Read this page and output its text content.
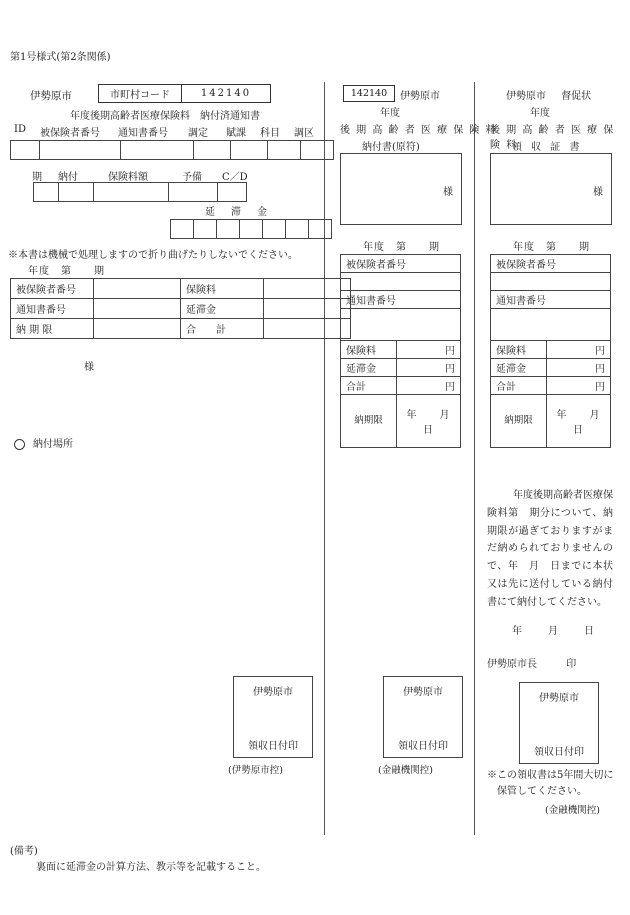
第1号様式(第2条関係)
伊勢原市	市町村コード	142140
年度後期高齢者医療保険料　納付済通知書
ID 被保険者番号 通知書番号 調定 賦課 科目 調区

期 納付	保険料額	予備 C／D

延　滞　金

※本書は機械で処理しますので折り曲げたりしないでください。
年度　第　　期
被保険者番号		保険料	
通知書番号		延滞金	
納 期 限		合　　計	
様
納付場所
伊勢原市
領収日付印
(伊勢原市控)
142140	伊勢原市
年度
後 期 高 齢 者 医 療 保 険 料
納付書(原符)
様
年度　第　　期
被保険者番号	

通知書番号	

保険料	円
延滞金	円
合計	円
納期限	年　　月　　日
伊勢原市
領収日付印
(金融機関控)
伊勢原市 督促状
年度
後 期 高 齢 者 医 療 保 険 料
領 収 証 書
様
年度　第　　期
被保険者番号	

通知書番号	

保険料	円
延滞金	円
合計	円
納期限	年　　月　　日
年度後期高齢者医療保険料第　期分について、納期限が過ぎておりますがまだ納められておりませんので、年　月　日までに本状又は先に送付している納付書にて納付してください。
年　　月　　日
伊勢原市長	印
伊勢原市
領収日付印
※この領収書は5年間大切に
保管してください。
(金融機関控)
(備考)
裏面に延滞金の計算方法、教示等を記載すること。
